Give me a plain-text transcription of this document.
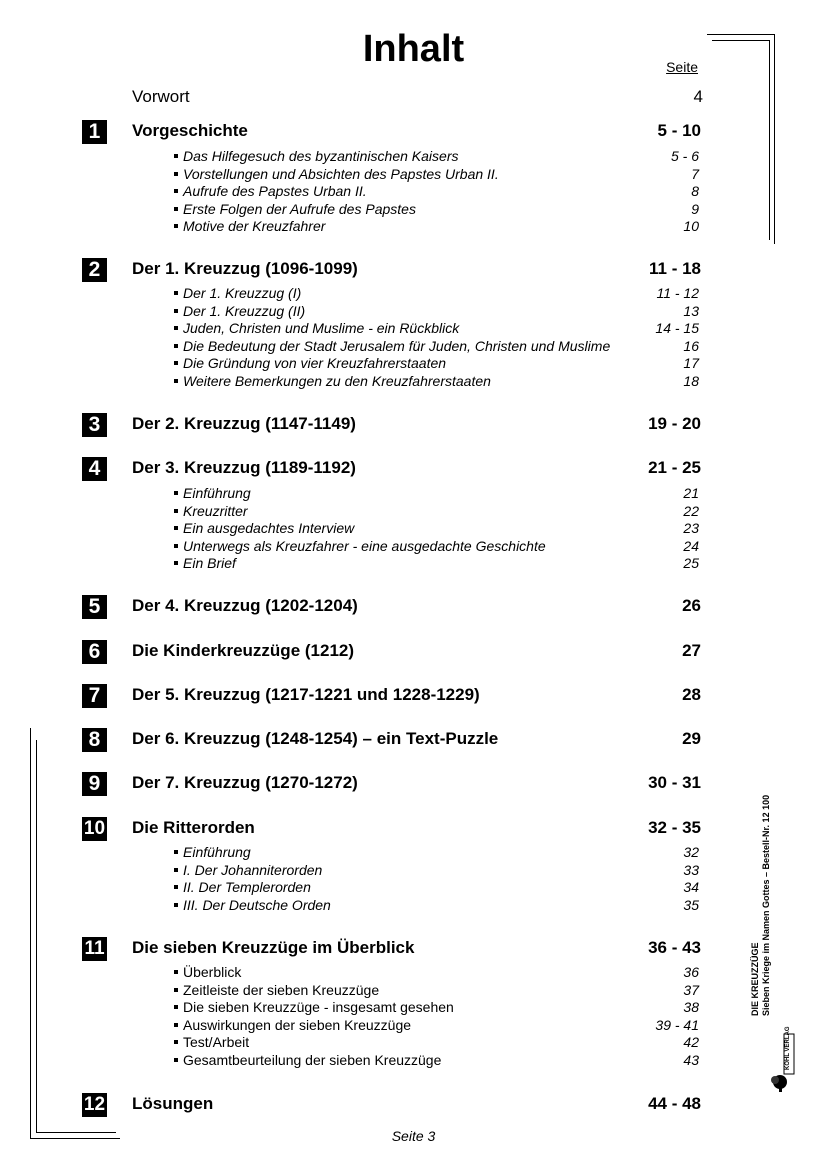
Inhalt	Seite
Vorwort	4
1	Vorgeschichte	5 - 10
Das Hilfegesuch des byzantinischen Kaisers	5 - 6
Vorstellungen und Absichten des Papstes Urban II.	7
Aufrufe des Papstes Urban II.	8
Erste Folgen der Aufrufe des Papstes	9
Motive der Kreuzfahrer	10
2	Der 1. Kreuzzug (1096-1099)	11 - 18
Der 1. Kreuzzug (I)	11 - 12
Der 1. Kreuzzug (II)	13
Juden, Christen und Muslime - ein Rückblick	14 - 15
Die Bedeutung der Stadt Jerusalem für Juden, Christen und Muslime	16
Die Gründung von vier Kreuzfahrerstaaten	17
Weitere Bemerkungen zu den Kreuzfahrerstaaten	18
3	Der 2. Kreuzzug (1147-1149)	19 - 20
4	Der 3. Kreuzzug (1189-1192)	21 - 25
Einführung	21
Kreuzritter	22
Ein ausgedachtes Interview	23
Unterwegs als Kreuzfahrer - eine ausgedachte Geschichte	24
Ein Brief	25
5	Der 4. Kreuzzug (1202-1204)	26
6	Die Kinderkreuzzüge (1212)	27
7	Der 5. Kreuzzug (1217-1221 und 1228-1229)	28
8	Der 6. Kreuzzug (1248-1254) – ein Text-Puzzle	29
9	Der 7. Kreuzzug (1270-1272)	30 - 31
10 Die Ritterorden	32 - 35
Einführung	32
I. Der Johanniterorden	33
II. Der Templerorden	34
III. Der Deutsche Orden	35
11 Die sieben Kreuzzüge im Überblick	36 - 43
Überblick	36
Zeitleiste der sieben Kreuzzüge	37
Die sieben Kreuzzüge - insgesamt gesehen	38
Auswirkungen der sieben Kreuzzüge	39 - 41
Test/Arbeit	42
Gesamtbeurteilung der sieben Kreuzzüge	43
12 Lösungen	44 - 48
Seite 3
DIE KREUZZÜGE Sieben Kriege im Namen Gottes – Bestell-Nr. 12 100
KOHL VERLAG
